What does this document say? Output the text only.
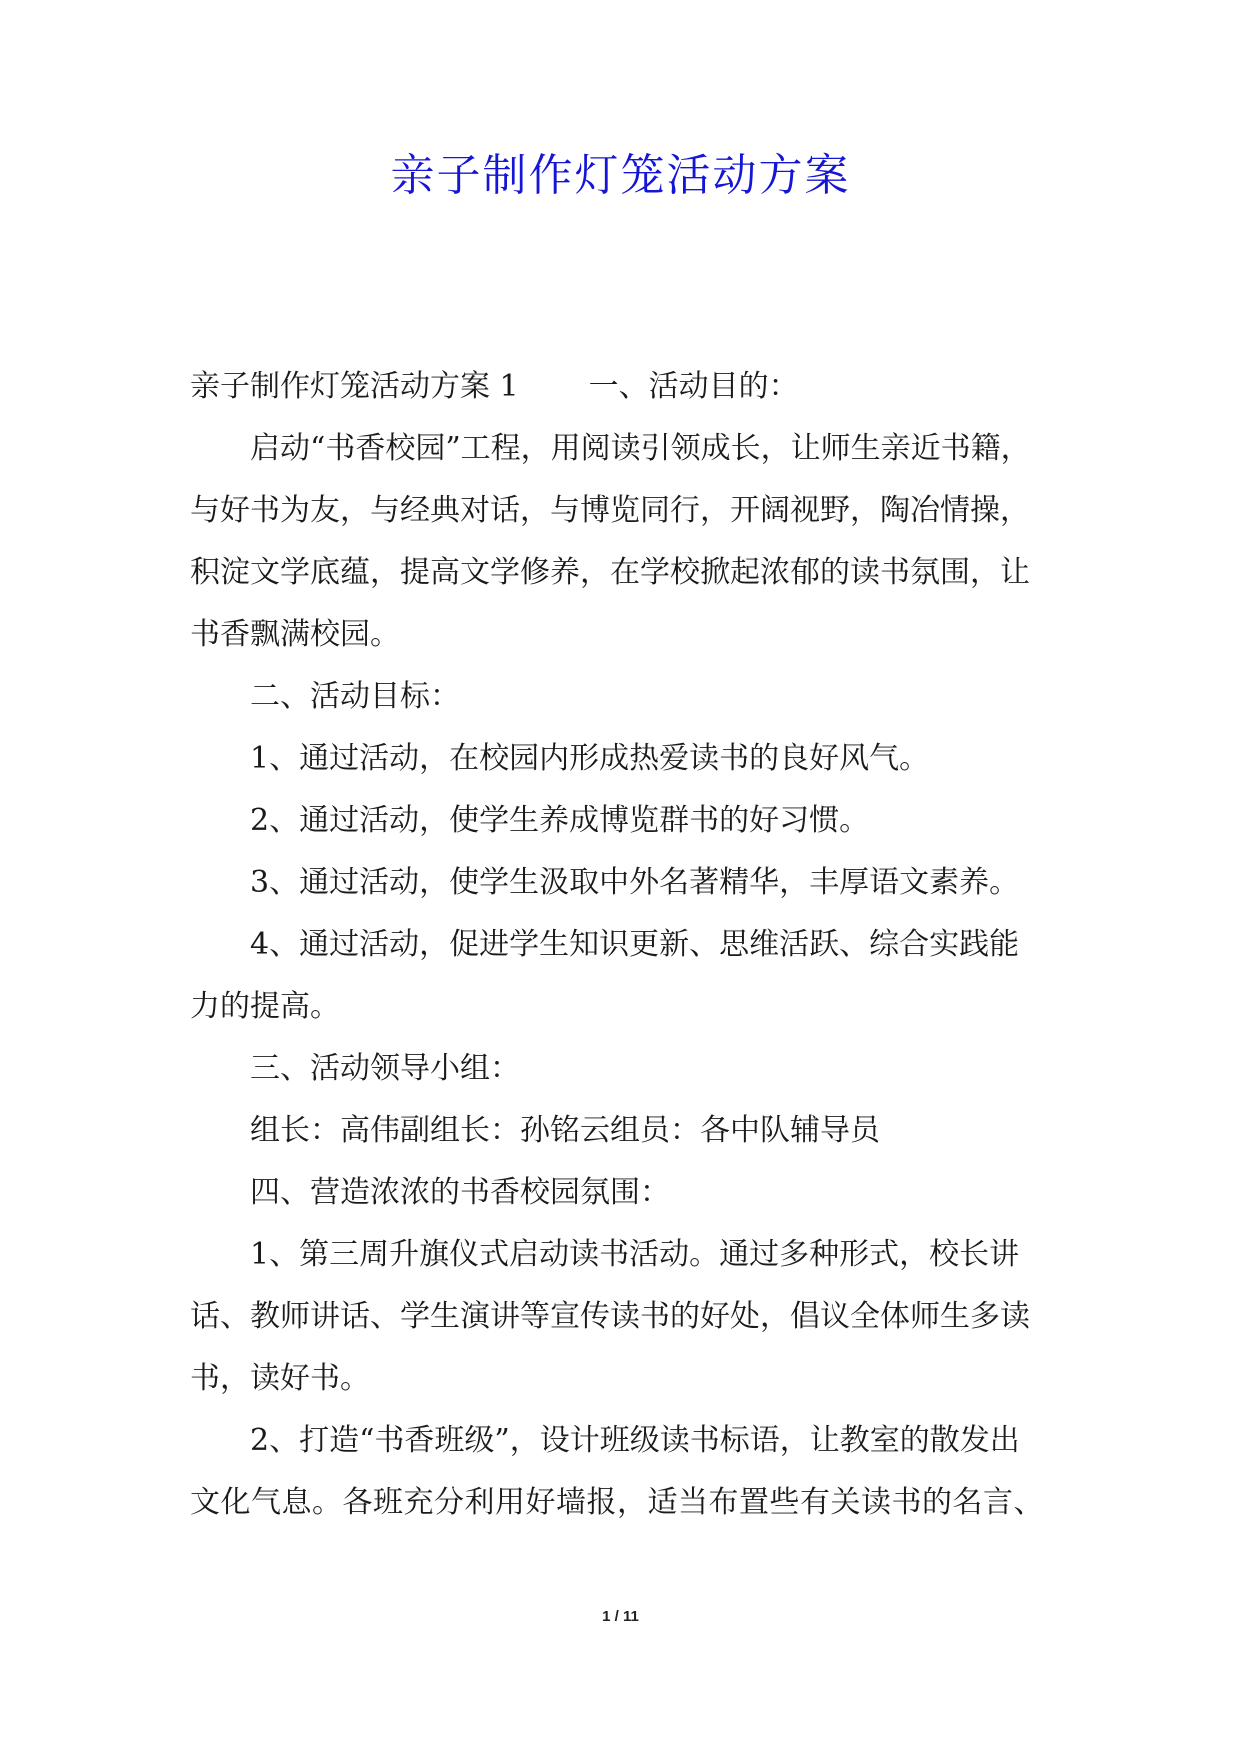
亲子制作灯笼活动方案
亲子制作灯笼活动方案 1 一、活动目的：
启动“书香校园”工程，用阅读引领成长，让师生亲近书籍，
与好书为友，与经典对话，与博览同行，开阔视野，陶冶情操，
积淀文学底蕴，提高文学修养，在学校掀起浓郁的读书氛围，让
书香飘满校园。
二、活动目标：
1、通过活动，在校园内形成热爱读书的良好风气。
2、通过活动，使学生养成博览群书的好习惯。
3、通过活动，使学生汲取中外名著精华，丰厚语文素养。
4、通过活动，促进学生知识更新、思维活跃、综合实践能
力的提高。
三、活动领导小组：
组长：高伟副组长：孙铭云组员：各中队辅导员
四、营造浓浓的书香校园氛围：
1、第三周升旗仪式启动读书活动。通过多种形式，校长讲
话、教师讲话、学生演讲等宣传读书的好处，倡议全体师生多读
书，读好书。
2、打造“书香班级”，设计班级读书标语，让教室的散发出
文化气息。各班充分利用好墙报，适当布置些有关读书的名言、
1 / 11
